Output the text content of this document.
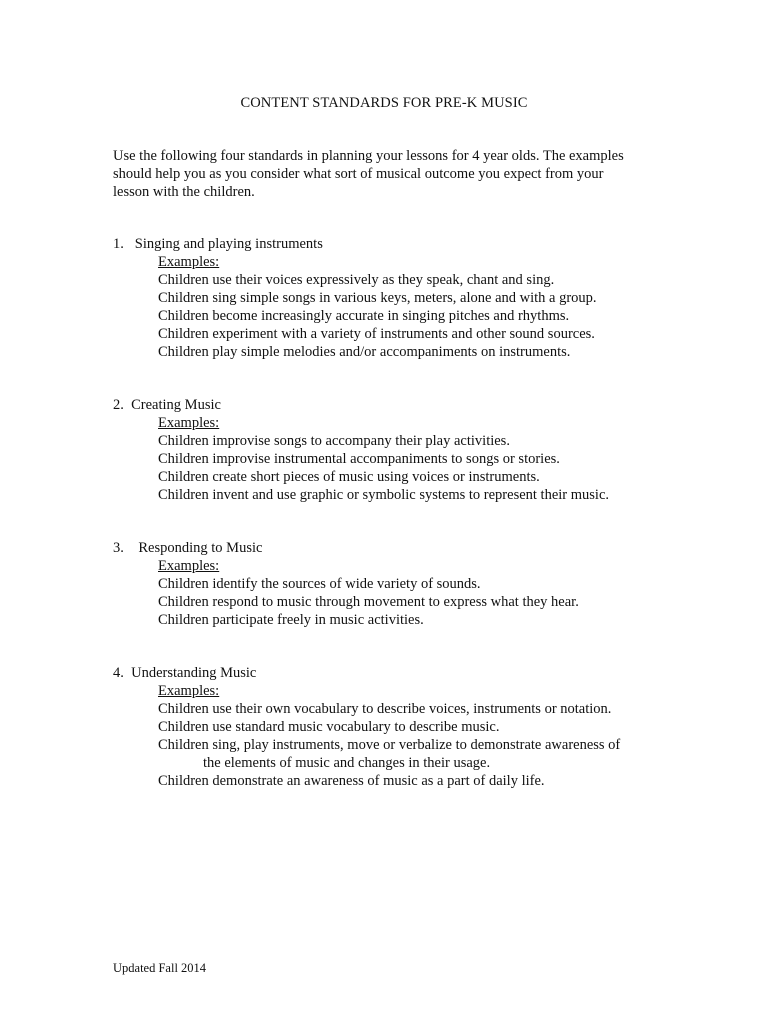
CONTENT STANDARDS FOR PRE-K MUSIC
Use the following four standards in planning your lessons for 4 year olds. The examples
should help you as you consider what sort of musical outcome you expect from your
lesson with the children.
1.   Singing and playing instruments
Examples:
Children use their voices expressively as they speak, chant and sing.
Children sing simple songs in various keys, meters, alone and with a group.
Children become increasingly accurate in singing pitches and rhythms.
Children experiment with a variety of instruments and other sound sources.
Children play simple melodies and/or accompaniments on instruments.
2.  Creating Music
Examples:
Children improvise songs to accompany their play activities.
Children improvise instrumental accompaniments to songs or stories.
Children create short pieces of music using voices or instruments.
Children invent and use graphic or symbolic systems to represent their music.
3.    Responding to Music
Examples:
Children identify the sources of wide variety of sounds.
Children respond to music through movement to express what they hear.
Children participate freely in music activities.
4.  Understanding Music
Examples:
Children use their own vocabulary to describe voices, instruments or notation.
Children use standard music vocabulary to describe music.
Children sing, play instruments, move or verbalize to demonstrate awareness of
the elements of music and changes in their usage.
Children demonstrate an awareness of music as a part of daily life.
Updated Fall 2014
